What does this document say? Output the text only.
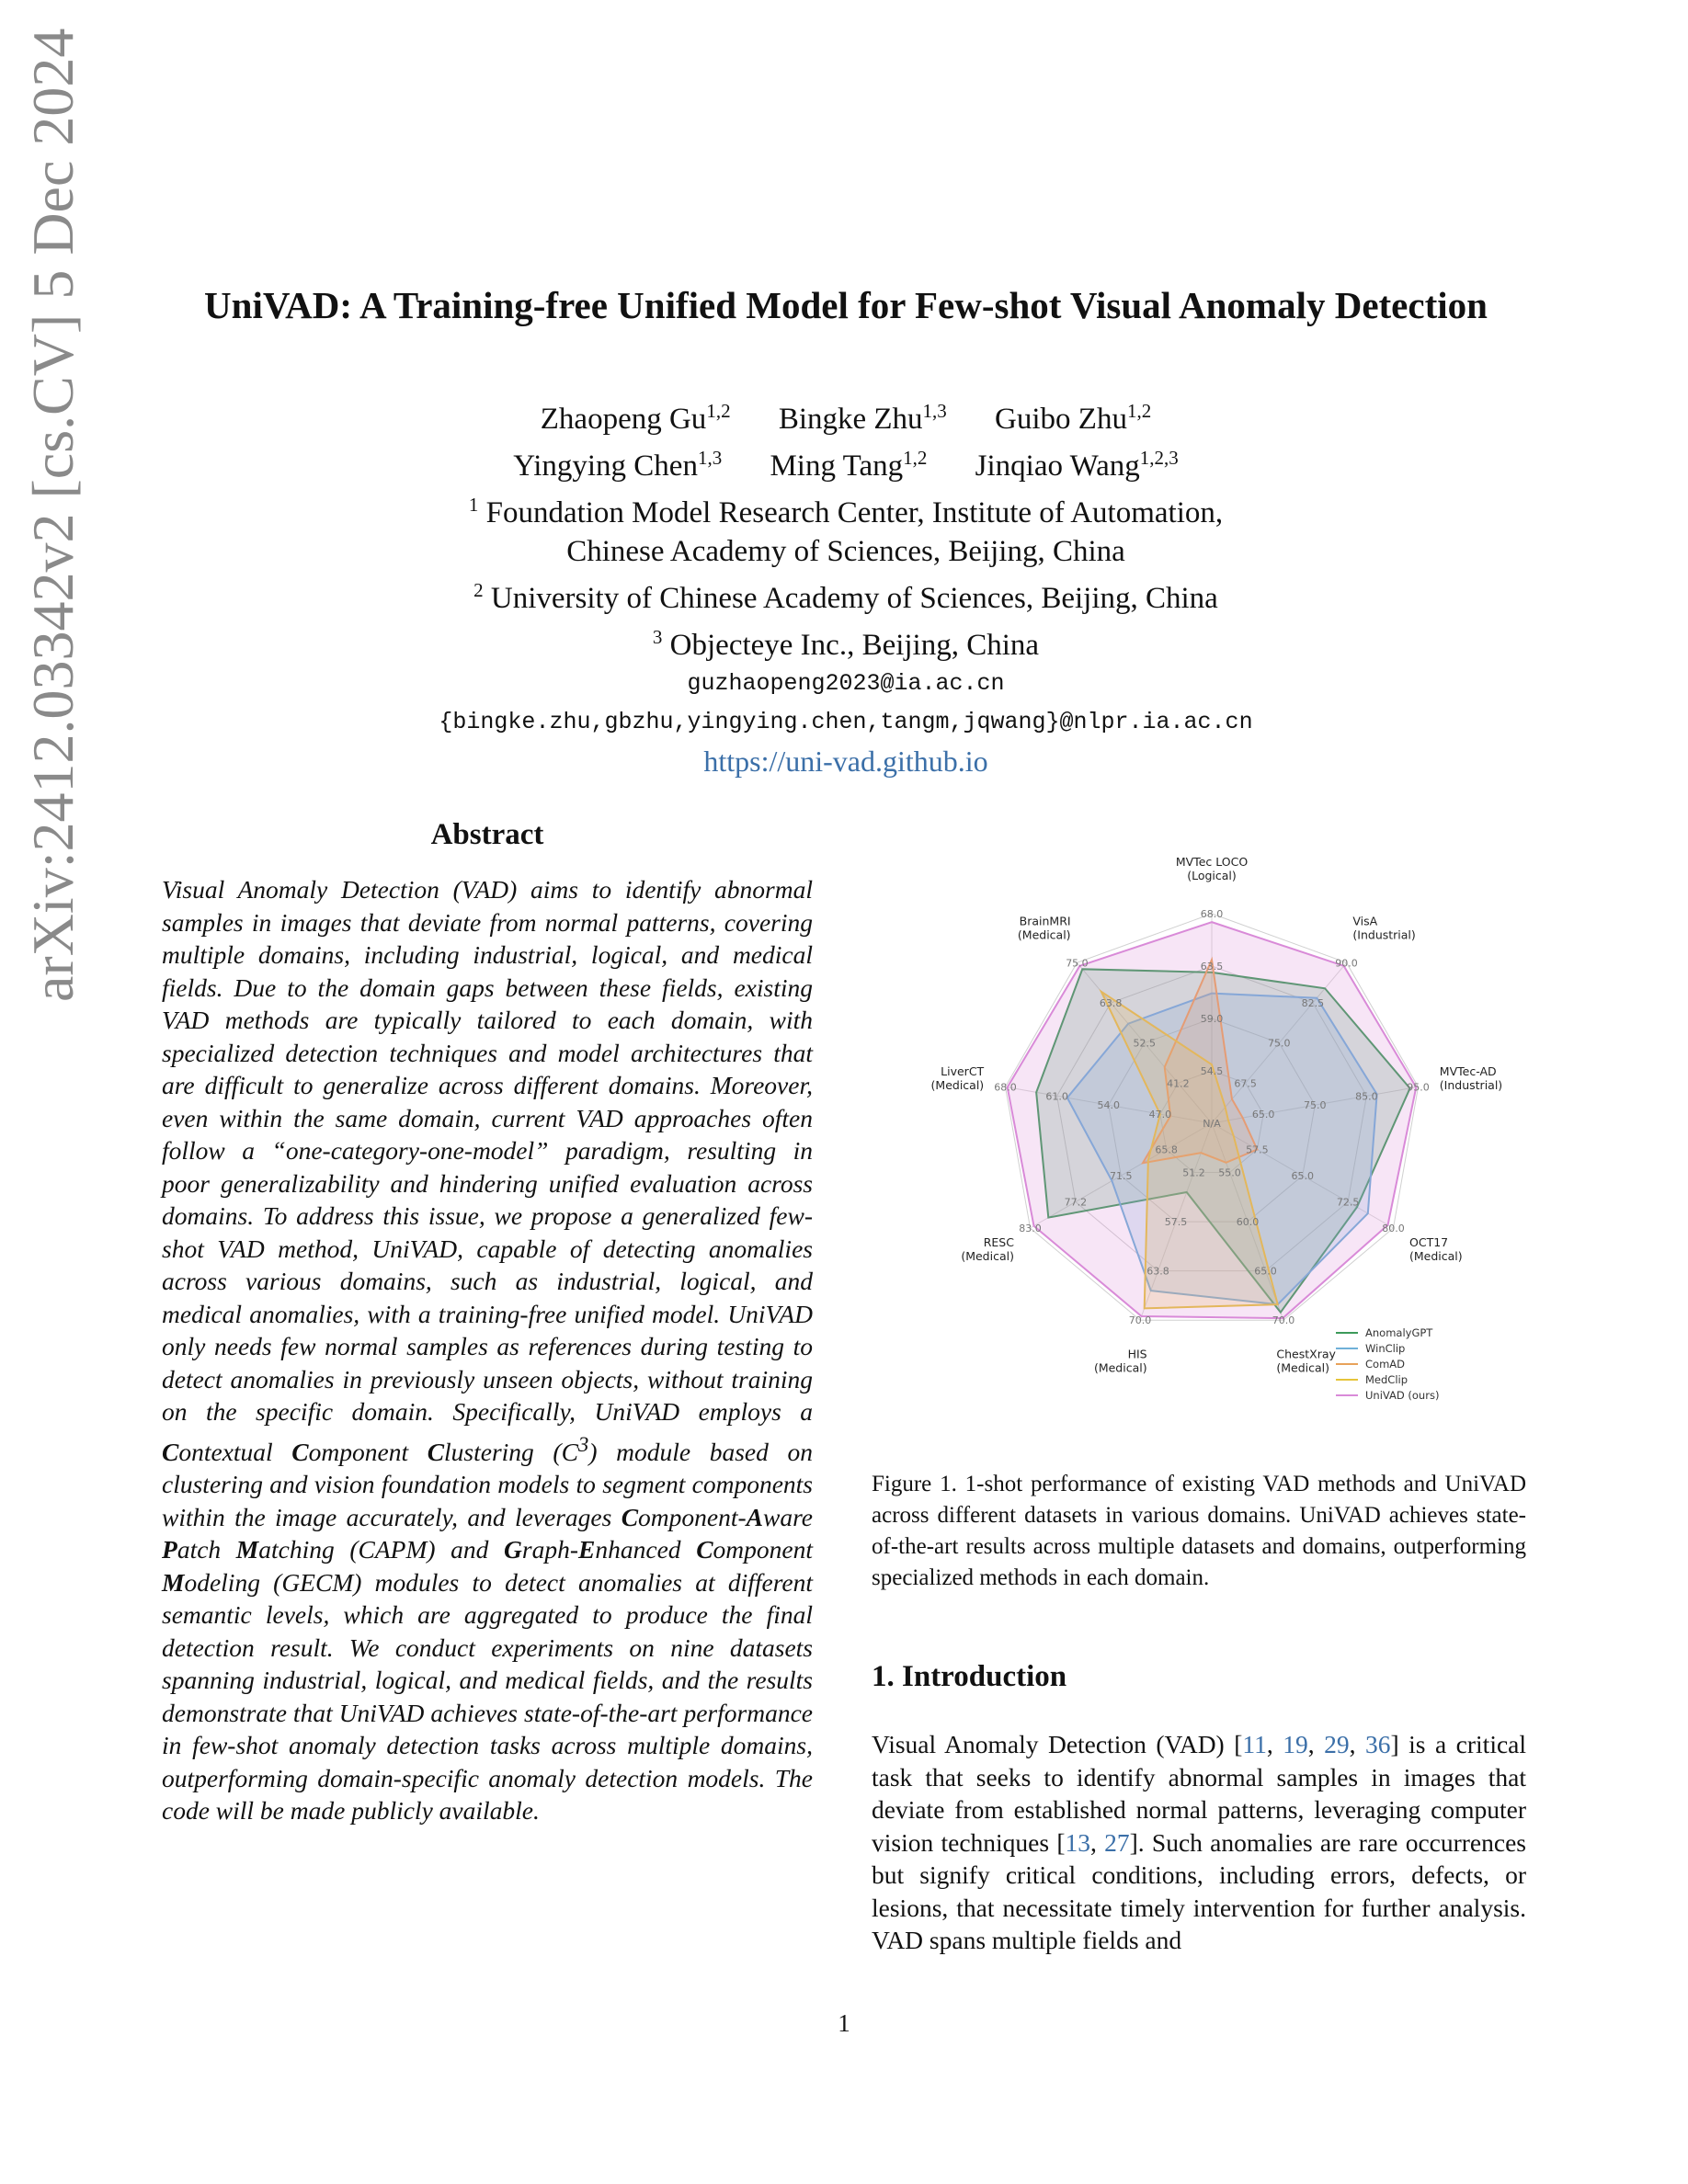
arXiv:2412.03342v2 [cs.CV] 5 Dec 2024	UniVAD: A Training-free Unified Model for Few-shot Visual Anomaly Detection
Zhaopeng Gu$^{1,2}$ Bingke Zhu$^{1,3}$ Guibo Zhu$^{1,2}$
Yingying Chen$^{1,3}$ Ming Tang$^{1,2}$ Jinqiao Wang$^{1,2,3}$
$^1$ Foundation Model Research Center, Institute of Automation,
Chinese Academy of Sciences, Beijing, China
$^2$ University of Chinese Academy of Sciences, Beijing, China
$^3$ Objecteye Inc., Beijing, China
guzhaopeng2023@ia.ac.cn
{bingke.zhu,gbzhu,yingying.chen,tangm,jqwang}@nlpr.ia.ac.cn
https://uni-vad.github.io
Abstract
Visual Anomaly Detection (VAD) aims to identify abnormal samples in images that deviate from normal patterns, covering multiple domains, including industrial, logical, and medical fields. Due to the domain gaps between these fields, existing VAD methods are typically tailored to each domain, with specialized detection techniques and model architectures that are difficult to generalize across different domains. Moreover, even within the same domain, current VAD approaches often follow a “one-category-one-model” paradigm, resulting in poor generalizability and hindering unified evaluation across domains. To address this issue, we propose a generalized few-shot VAD method, UniVAD, capable of detecting anomalies across various domains, such as industrial, logical, and medical anomalies, with a training-free unified model. UniVAD only needs few normal samples as references during testing to detect anomalies in previously unseen objects, without training on the specific domain. Specifically, UniVAD employs a Contextual Component Clustering $(C^3)$ module based on clustering and vision foundation models to segment components within the image accurately, and leverages Component-Aware Patch Matching (CAPM) and Graph-Enhanced Component Modeling (GECM) modules to detect anomalies at different semantic levels, which are aggregated to produce the final detection result. We conduct experiments on nine datasets spanning industrial, logical, and medical fields, and the results demonstrate that UniVAD achieves state-of-the-art performance in few-shot anomaly detection tasks across multiple domains, outperforming domain-specific anomaly detection models. The code will be made publicly available.
N/A
54.5
59.0
63.5
68.0
67.5
75.0
82.5
90.0
65.0
75.0
85.0
95.0
57.5
65.0
72.5
80.0
55.0
60.0
65.0
70.0
51.2
57.5
63.8
70.0
65.8
71.5
77.2
83.0
47.0
54.0
61.0
68.0	41.2
52.5
63.8
75.0
MVTec LOCO
(Logical)
VisA
(Industrial)
MVTec-AD
(Industrial)
OCT17
(Medical)
ChestXray
(Medical)
HIS
(Medical)
RESC
(Medical)
LiverCT
(Medical)
BrainMRI
(Medical)
AnomalyGPT
WinClip
ComAD
MedClip
UniVAD (ours)
Figure 1. 1-shot performance of existing VAD methods and UniVAD across different datasets in various domains. UniVAD achieves state-of-the-art results across multiple datasets and domains, outperforming specialized methods in each domain.
1. Introduction
Visual Anomaly Detection (VAD) [11, 19, 29, 36] is a critical task that seeks to identify abnormal samples in images that deviate from established normal patterns, leveraging computer vision techniques [13, 27]. Such anomalies are rare occurrences but signify critical conditions, including errors, defects, or lesions, that necessitate timely intervention for further analysis. VAD spans multiple fields and
1
